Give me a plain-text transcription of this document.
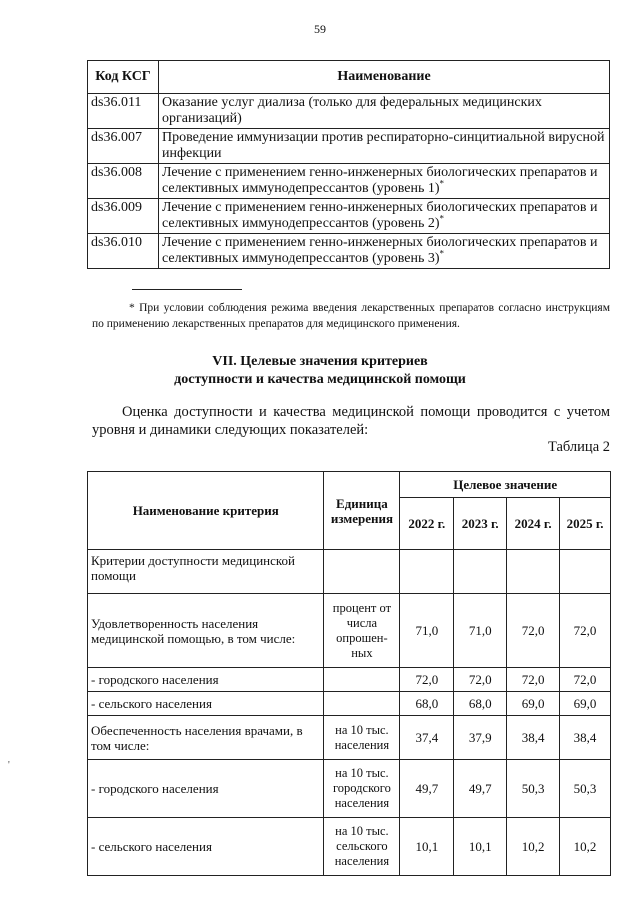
59
Код КСГ	Наименование
ds36.011	Оказание услуг диализа (только для федеральных медицинских организаций)
ds36.007	Проведение иммунизации против респираторно-синцитиальной вирусной инфекции
ds36.008	Лечение с применением генно-инженерных биологических препаратов и селективных иммунодепрессантов (уровень 1)*
ds36.009	Лечение с применением генно-инженерных биологических препаратов и селективных иммунодепрессантов (уровень 2)*
ds36.010	Лечение с применением генно-инженерных биологических препаратов и селективных иммунодепрессантов (уровень 3)*
* При условии соблюдения режима введения лекарственных препаратов согласно инструкциям по применению лекарственных препаратов для медицинского применения.
VII. Целевые значения критериев
доступности и качества медицинской помощи
Оценка доступности и качества медицинской помощи проводится с учетом уровня и динамики следующих показателей:
Таблица 2
Наименование критерия	Единица измерения	Целевое значение			
		2022 г.	2023 г.	2024 г.	2025 г.
Критерии доступности медицинской помощи					
Удовлетворенность населения медицинской помощью, в том числе:	процент от числа опрошен-ных	71,0	71,0	72,0	72,0
- городского населения		72,0	72,0	72,0	72,0
- сельского населения		68,0	68,0	69,0	69,0
Обеспеченность населения врачами, в том числе:	на 10 тыс. населения	37,4	37,9	38,4	38,4
- городского населения	на 10 тыс. городского населения	49,7	49,7	50,3	50,3
- сельского населения	на 10 тыс. сельского населения	10,1	10,1	10,2	10,2
'
